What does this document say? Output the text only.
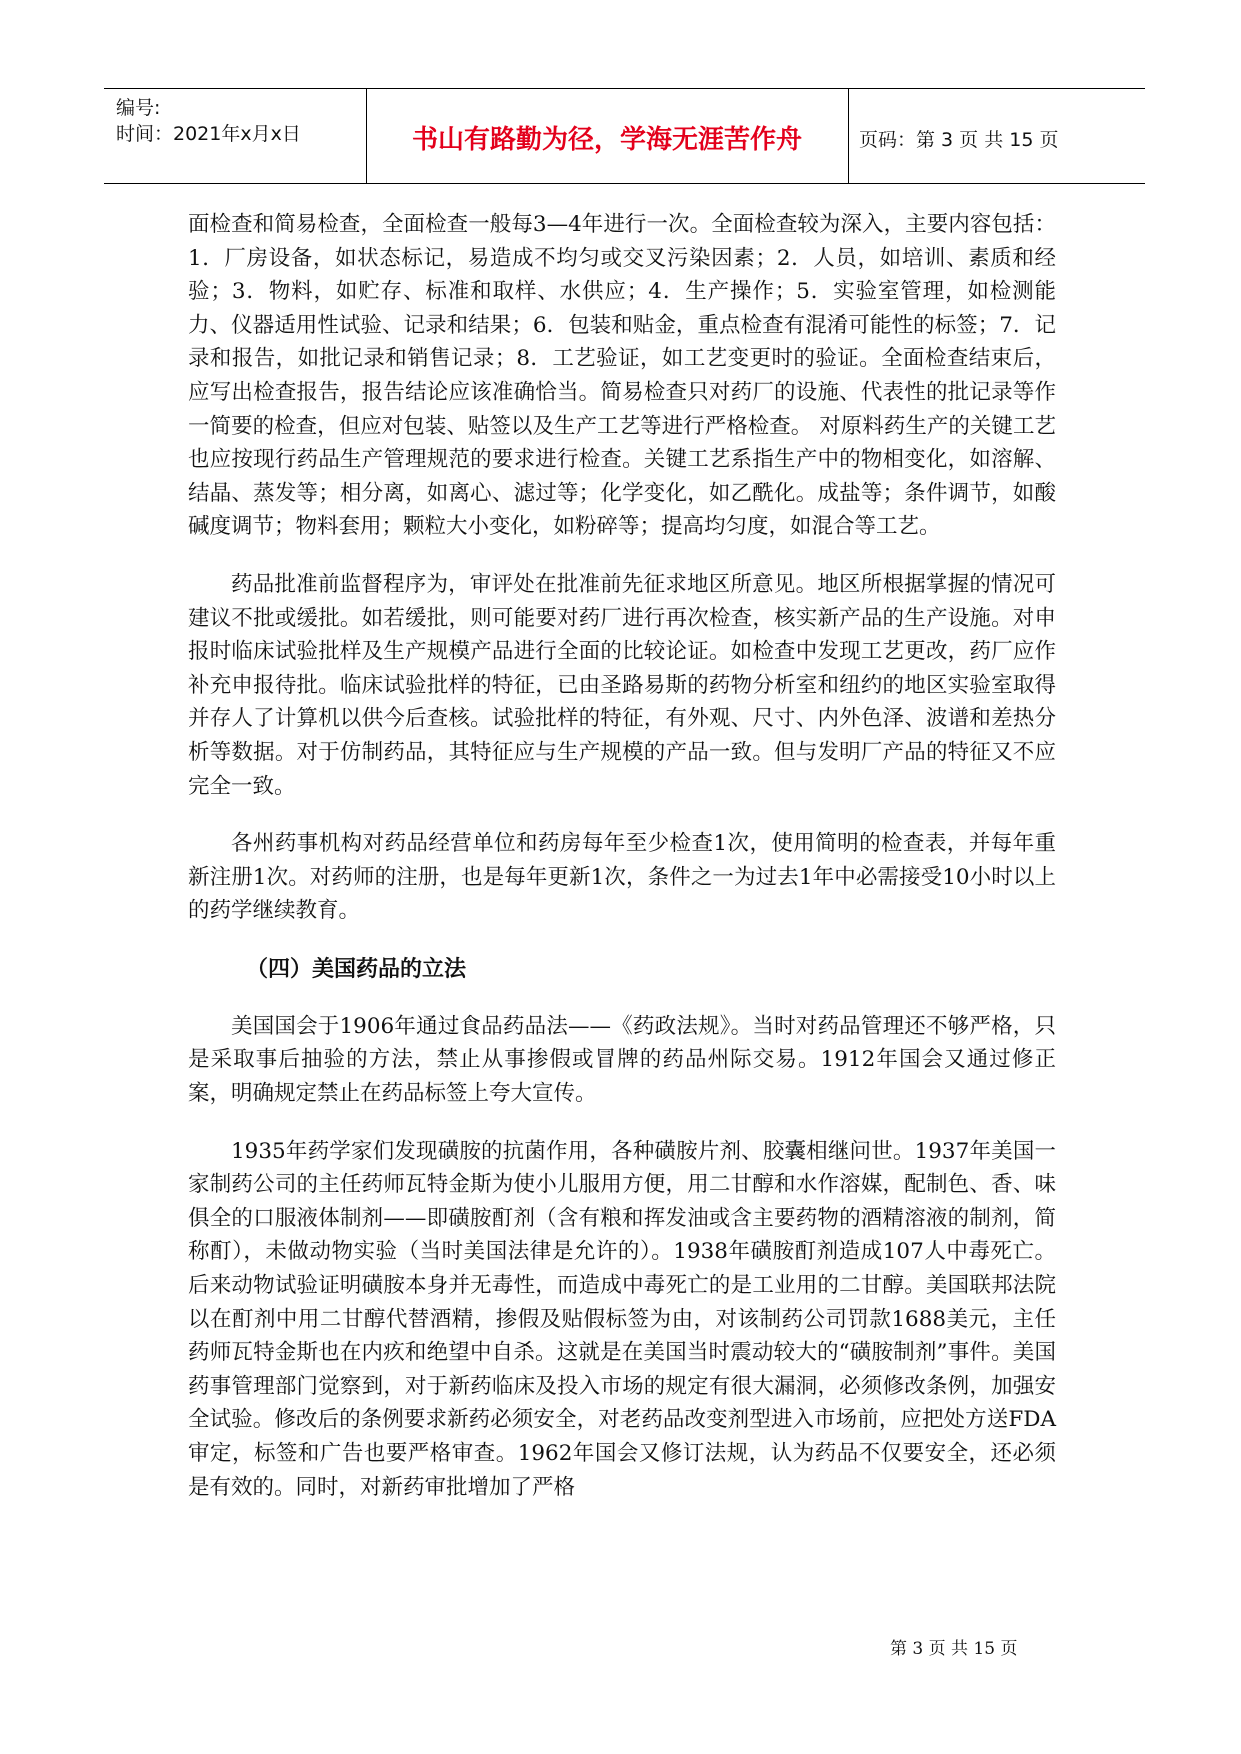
编号:
时间：2021年x月x日	书山有路勤为径，学海无涯苦作舟	页码：第 3 页 共 15 页

面检查和简易检查，全面检查一般每3—4年进行一次。全面检查较为深入，主要内容包括：1．厂房设备，如状态标记，易造成不均匀或交叉污染因素；2．人员，如培训、素质和经验；3．物料，如贮存、标准和取样、水供应；4．生产操作；5．实验室管理，如检测能力、仪器适用性试验、记录和结果；6．包装和贴金，重点检查有混淆可能性的标签；7．记录和报告，如批记录和销售记录；8．工艺验证，如工艺变更时的验证。全面检查结束后，应写出检查报告，报告结论应该准确恰当。简易检查只对药厂的设施、代表性的批记录等作一简要的检查，但应对包装、贴签以及生产工艺等进行严格检查。 对原料药生产的关键工艺也应按现行药品生产管理规范的要求进行检查。关键工艺系指生产中的物相变化，如溶解、结晶、蒸发等；相分离，如离心、滤过等；化学变化，如乙酰化。成盐等；条件调节，如酸碱度调节；物料套用；颗粒大小变化，如粉碎等；提高均匀度，如混合等工艺。

药品批准前监督程序为，审评处在批准前先征求地区所意见。地区所根据掌握的情况可建议不批或缓批。如若缓批，则可能要对药厂进行再次检查，核实新产品的生产设施。对申报时临床试验批样及生产规模产品进行全面的比较论证。如检查中发现工艺更改，药厂应作补充申报待批。临床试验批样的特征，已由圣路易斯的药物分析室和纽约的地区实验室取得并存人了计算机以供今后查核。试验批样的特征，有外观、尺寸、内外色泽、波谱和差热分析等数据。对于仿制药品，其特征应与生产规模的产品一致。但与发明厂产品的特征又不应完全一致。

各州药事机构对药品经营单位和药房每年至少检查1次，使用简明的检查表，并每年重新注册1次。对药师的注册，也是每年更新1次，条件之一为过去1年中必需接受10小时以上的药学继续教育。

（四）美国药品的立法

美国国会于1906年通过食品药品法——《药政法规》。当时对药品管理还不够严格，只是采取事后抽验的方法，禁止从事掺假或冒牌的药品州际交易。1912年国会又通过修正案，明确规定禁止在药品标签上夸大宣传。

1935年药学家们发现磺胺的抗菌作用，各种磺胺片剂、胶囊相继问世。1937年美国一家制药公司的主任药师瓦特金斯为使小儿服用方便，用二甘醇和水作溶媒，配制色、香、味俱全的口服液体制剂——即磺胺酊剂（含有粮和挥发油或含主要药物的酒精溶液的制剂，简称酊），未做动物实验（当时美国法律是允许的）。1938年磺胺酊剂造成107人中毒死亡。后来动物试验证明磺胺本身并无毒性，而造成中毒死亡的是工业用的二甘醇。美国联邦法院以在酊剂中用二甘醇代替酒精，掺假及贴假标签为由，对该制药公司罚款1688美元，主任药师瓦特金斯也在内疚和绝望中自杀。这就是在美国当时震动较大的“磺胺制剂”事件。美国药事管理部门觉察到，对于新药临床及投入市场的规定有很大漏洞，必须修改条例，加强安全试验。修改后的条例要求新药必须安全，对老药品改变剂型进入市场前，应把处方送FDA审定，标签和广告也要严格审查。1962年国会又修订法规，认为药品不仅要安全，还必须是有效的。同时，对新药审批增加了严格

第 3 页 共 15 页
